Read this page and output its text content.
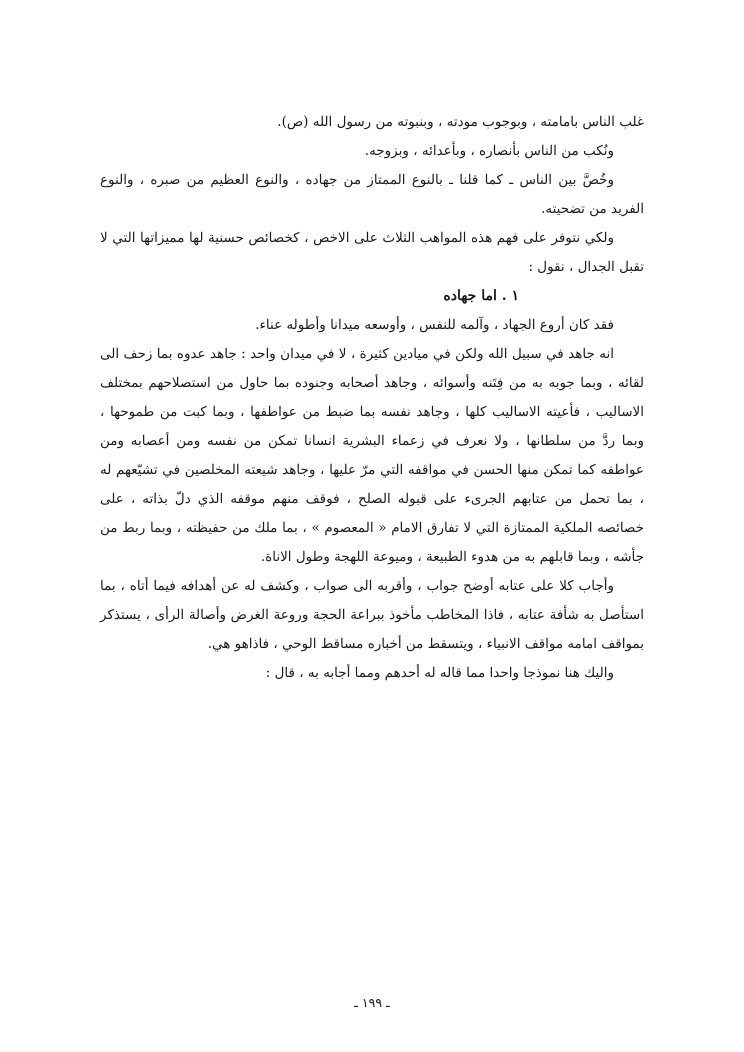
غلب الناس بامامته ، وبوجوب مودته ، وبنبوته من رسول الله (ص).

ونُكب من الناس بأنصاره ، وبأعدائه ، وبزوجه.

وخُصَّ بين الناس ـ كما قلنا ـ بالنوع الممتاز من جهاده ، والنوع العظيم من صبره ، والنوع الفريد من تضحيته.

ولكي نتوفر على فهم هذه المواهب الثلاث على الاخص ، كخصائص حسنية لها مميزاتها التي لا تقبل الجدال ، نقول :

١ . اما جهاده

فقد كان أروع الجهاد ، وآلمه للنفس ، وأوسعه ميدانا وأطوله عناء.

انه جاهد في سبيل الله ولكن في ميادين كثيرة ، لا في ميدان واحد : جاهد عدوه بما زحف الى لقائه ، وبما جوبه به من فِتَنه وأسوائه ، وجاهد أصحابه وجنوده بما حاول من استصلاحهم بمختلف الاساليب ، فأعيته الاساليب كلها ، وجاهد نفسه بما ضبط من عواطفها ، وبما كبت من طموحها ، وبما ردَّ من سلطانها ، ولا نعرف في زعماء البشرية انسانا تمكن من نفسه ومن أعصابه ومن عواطفه كما تمكن منها الحسن في مواقفه التي مرّ عليها ، وجاهد شيعته المخلصين في تشيّعهم له ، بما تحمل من عتابهم الجرىء على قبوله الصلح ، فوقف منهم موقفه الذي دلّ بذاته ، على خصائصه الملكية الممتازة التي لا تفارق الامام « المعصوم » ، بما ملك من حفيظته ، وبما ربط من جأشه ، وبما قابلهم به من هدوء الطبيعة ، وميوعة اللهجة وطول الاناة.

وأجاب كلا على عتابه أوضح جواب ، وأقربه الى صواب ، وكشف له عن أهدافه فيما أتاه ، بما استأصل به شأفة عتابه ، فاذا المخاطب مأخوذ ببراعة الحجة وروعة الغرض وأصالة الرأى ، يستذكر بمواقف امامه مواقف الانبياء ، ويتسقط من أخباره مساقط الوحي ، فاذاهو هي.

واليك هنا نموذجا واحدا مما قاله له أحدهم ومما أجابه به ، قال :

ـ ١٩٩ ـ
